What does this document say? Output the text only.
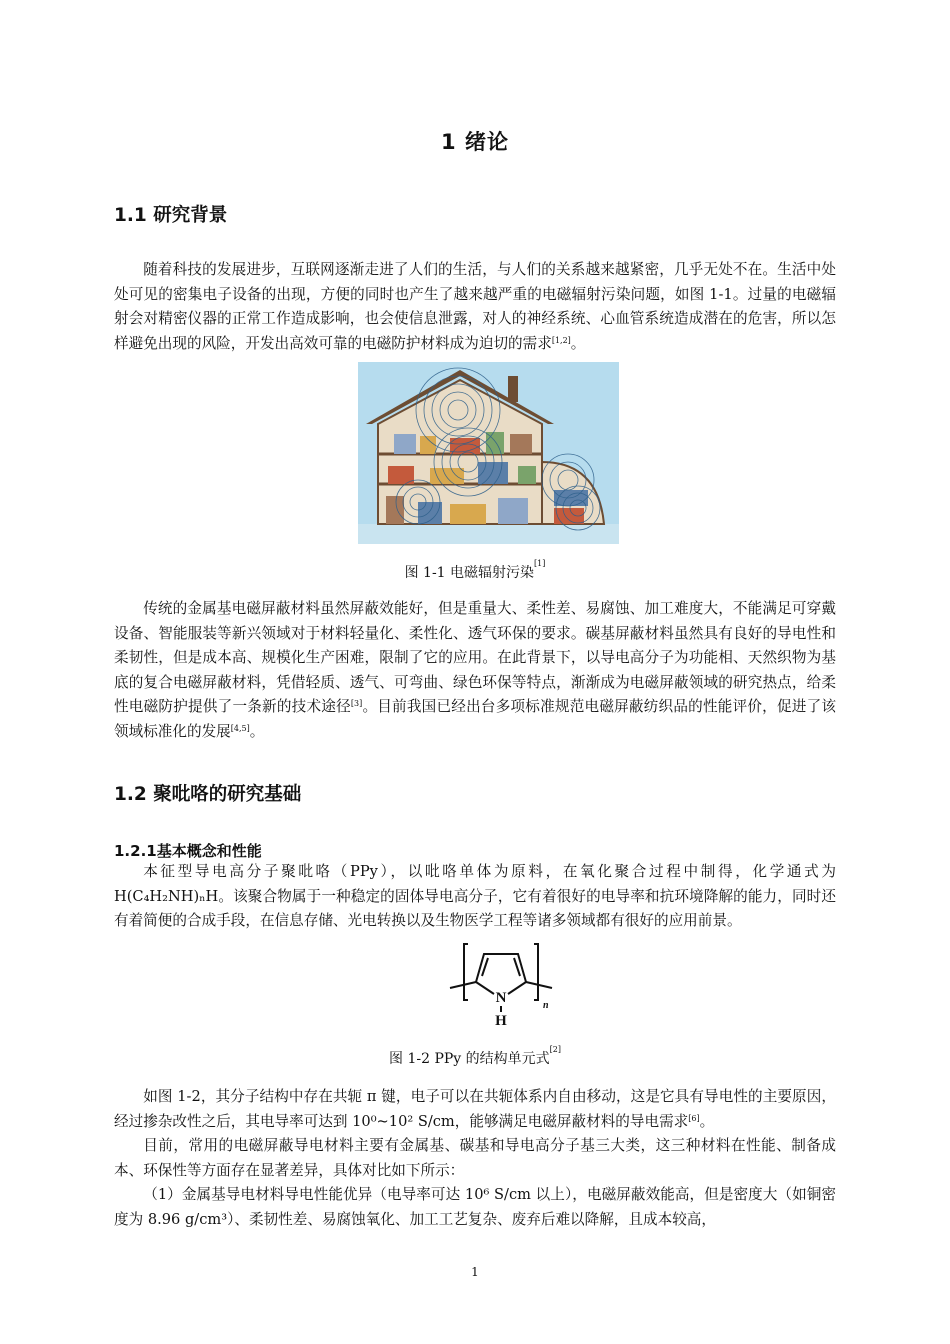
1 绪论
1.1 研究背景

随着科技的发展进步，互联网逐渐走进了人们的生活，与人们的关系越来越紧密，几乎无处不在。生活中处处可见的密集电子设备的出现，方便的同时也产生了越来越严重的电磁辐射污染问题，如图 1-1。过量的电磁辐射会对精密仪器的正常工作造成影响，也会使信息泄露，对人的神经系统、心血管系统造成潜在的危害，所以怎样避免出现的风险，开发出高效可靠的电磁防护材料成为迫切的需求[1,2]。

图 1-1 电磁辐射污染[1]

传统的金属基电磁屏蔽材料虽然屏蔽效能好，但是重量大、柔性差、易腐蚀、加工难度大，不能满足可穿戴设备、智能服装等新兴领域对于材料轻量化、柔性化、透气环保的要求。碳基屏蔽材料虽然具有良好的导电性和柔韧性，但是成本高、规模化生产困难，限制了它的应用。在此背景下，以导电高分子为功能相、天然织物为基底的复合电磁屏蔽材料，凭借轻质、透气、可弯曲、绿色环保等特点，渐渐成为电磁屏蔽领域的研究热点，给柔性电磁防护提供了一条新的技术途径[3]。目前我国已经出台多项标准规范电磁屏蔽纺织品的性能评价，促进了该领域标准化的发展[4,5]。

1.2 聚吡咯的研究基础
1.2.1基本概念和性能

本征型导电高分子聚吡咯（PPy），以吡咯单体为原料，在氧化聚合过程中制得，化学通式为H(C₄H₂NH)ₙH。该聚合物属于一种稳定的固体导电高分子，它有着很好的电导率和抗环境降解的能力，同时还有着简便的合成手段，在信息存储、光电转换以及生物医学工程等诸多领域都有很好的应用前景。

N
H
n
图 1-2 PPy 的结构单元式[2]

如图 1-2，其分子结构中存在共轭 π 键，电子可以在共轭体系内自由移动，这是它具有导电性的主要原因，经过掺杂改性之后，其电导率可达到 10⁰~10² S/cm，能够满足电磁屏蔽材料的导电需求[6]。

目前，常用的电磁屏蔽导电材料主要有金属基、碳基和导电高分子基三大类，这三种材料在性能、制备成本、环保性等方面存在显著差异，具体对比如下所示：

（1）金属基导电材料导电性能优异（电导率可达 10⁶ S/cm 以上），电磁屏蔽效能高，但是密度大（如铜密度为 8.96 g/cm³）、柔韧性差、易腐蚀氧化、加工工艺复杂、废弃后难以降解，且成本较高，

1
